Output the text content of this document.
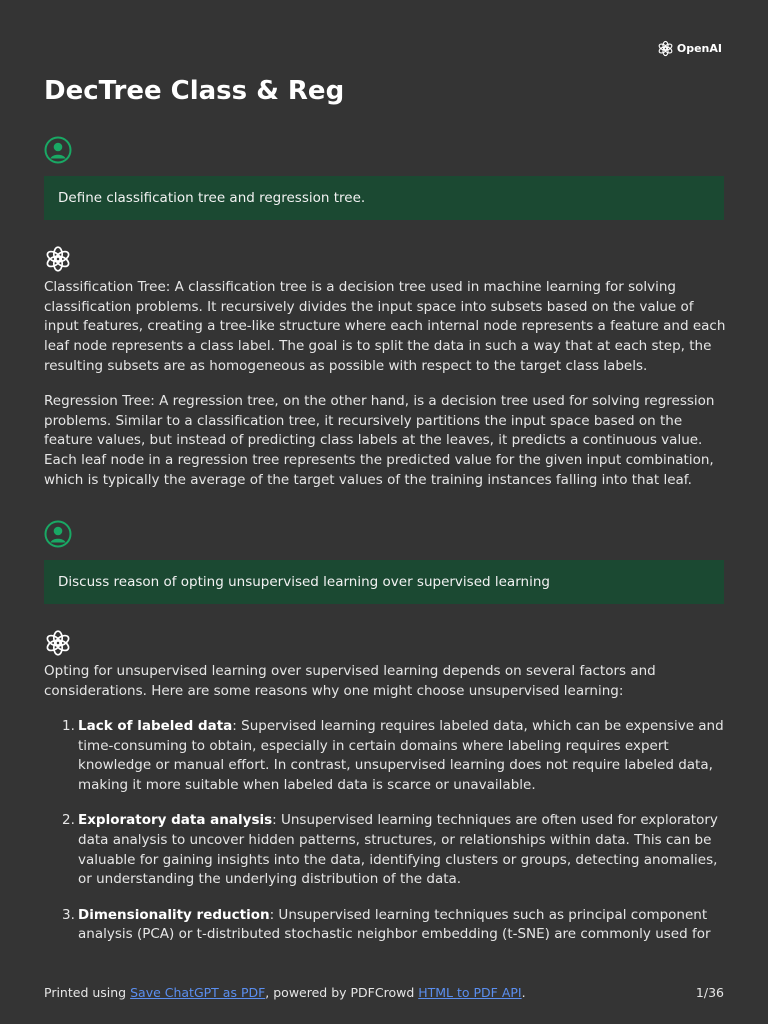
OpenAI
DecTree Class & Reg
Define classification tree and regression tree.

Classification Tree: A classification tree is a decision tree used in machine learning for solving classification problems. It recursively divides the input space into subsets based on the value of input features, creating a tree-like structure where each internal node represents a feature and each leaf node represents a class label. The goal is to split the data in such a way that at each step, the resulting subsets are as homogeneous as possible with respect to the target class labels.

Regression Tree: A regression tree, on the other hand, is a decision tree used for solving regression problems. Similar to a classification tree, it recursively partitions the input space based on the feature values, but instead of predicting class labels at the leaves, it predicts a continuous value. Each leaf node in a regression tree represents the predicted value for the given input combination, which is typically the average of the target values of the training instances falling into that leaf.

Discuss reason of opting unsupervised learning over supervised learning

Opting for unsupervised learning over supervised learning depends on several factors and considerations. Here are some reasons why one might choose unsupervised learning:

1. Lack of labeled data: Supervised learning requires labeled data, which can be expensive and time-consuming to obtain, especially in certain domains where labeling requires expert knowledge or manual effort. In contrast, unsupervised learning does not require labeled data, making it more suitable when labeled data is scarce or unavailable.
2. Exploratory data analysis: Unsupervised learning techniques are often used for exploratory data analysis to uncover hidden patterns, structures, or relationships within data. This can be valuable for gaining insights into the data, identifying clusters or groups, detecting anomalies, or understanding the underlying distribution of the data.
3. Dimensionality reduction: Unsupervised learning techniques such as principal component analysis (PCA) or t-distributed stochastic neighbor embedding (t-SNE) are commonly used for
Printed using Save ChatGPT as PDF, powered by PDFCrowd HTML to PDF API.	1/36
